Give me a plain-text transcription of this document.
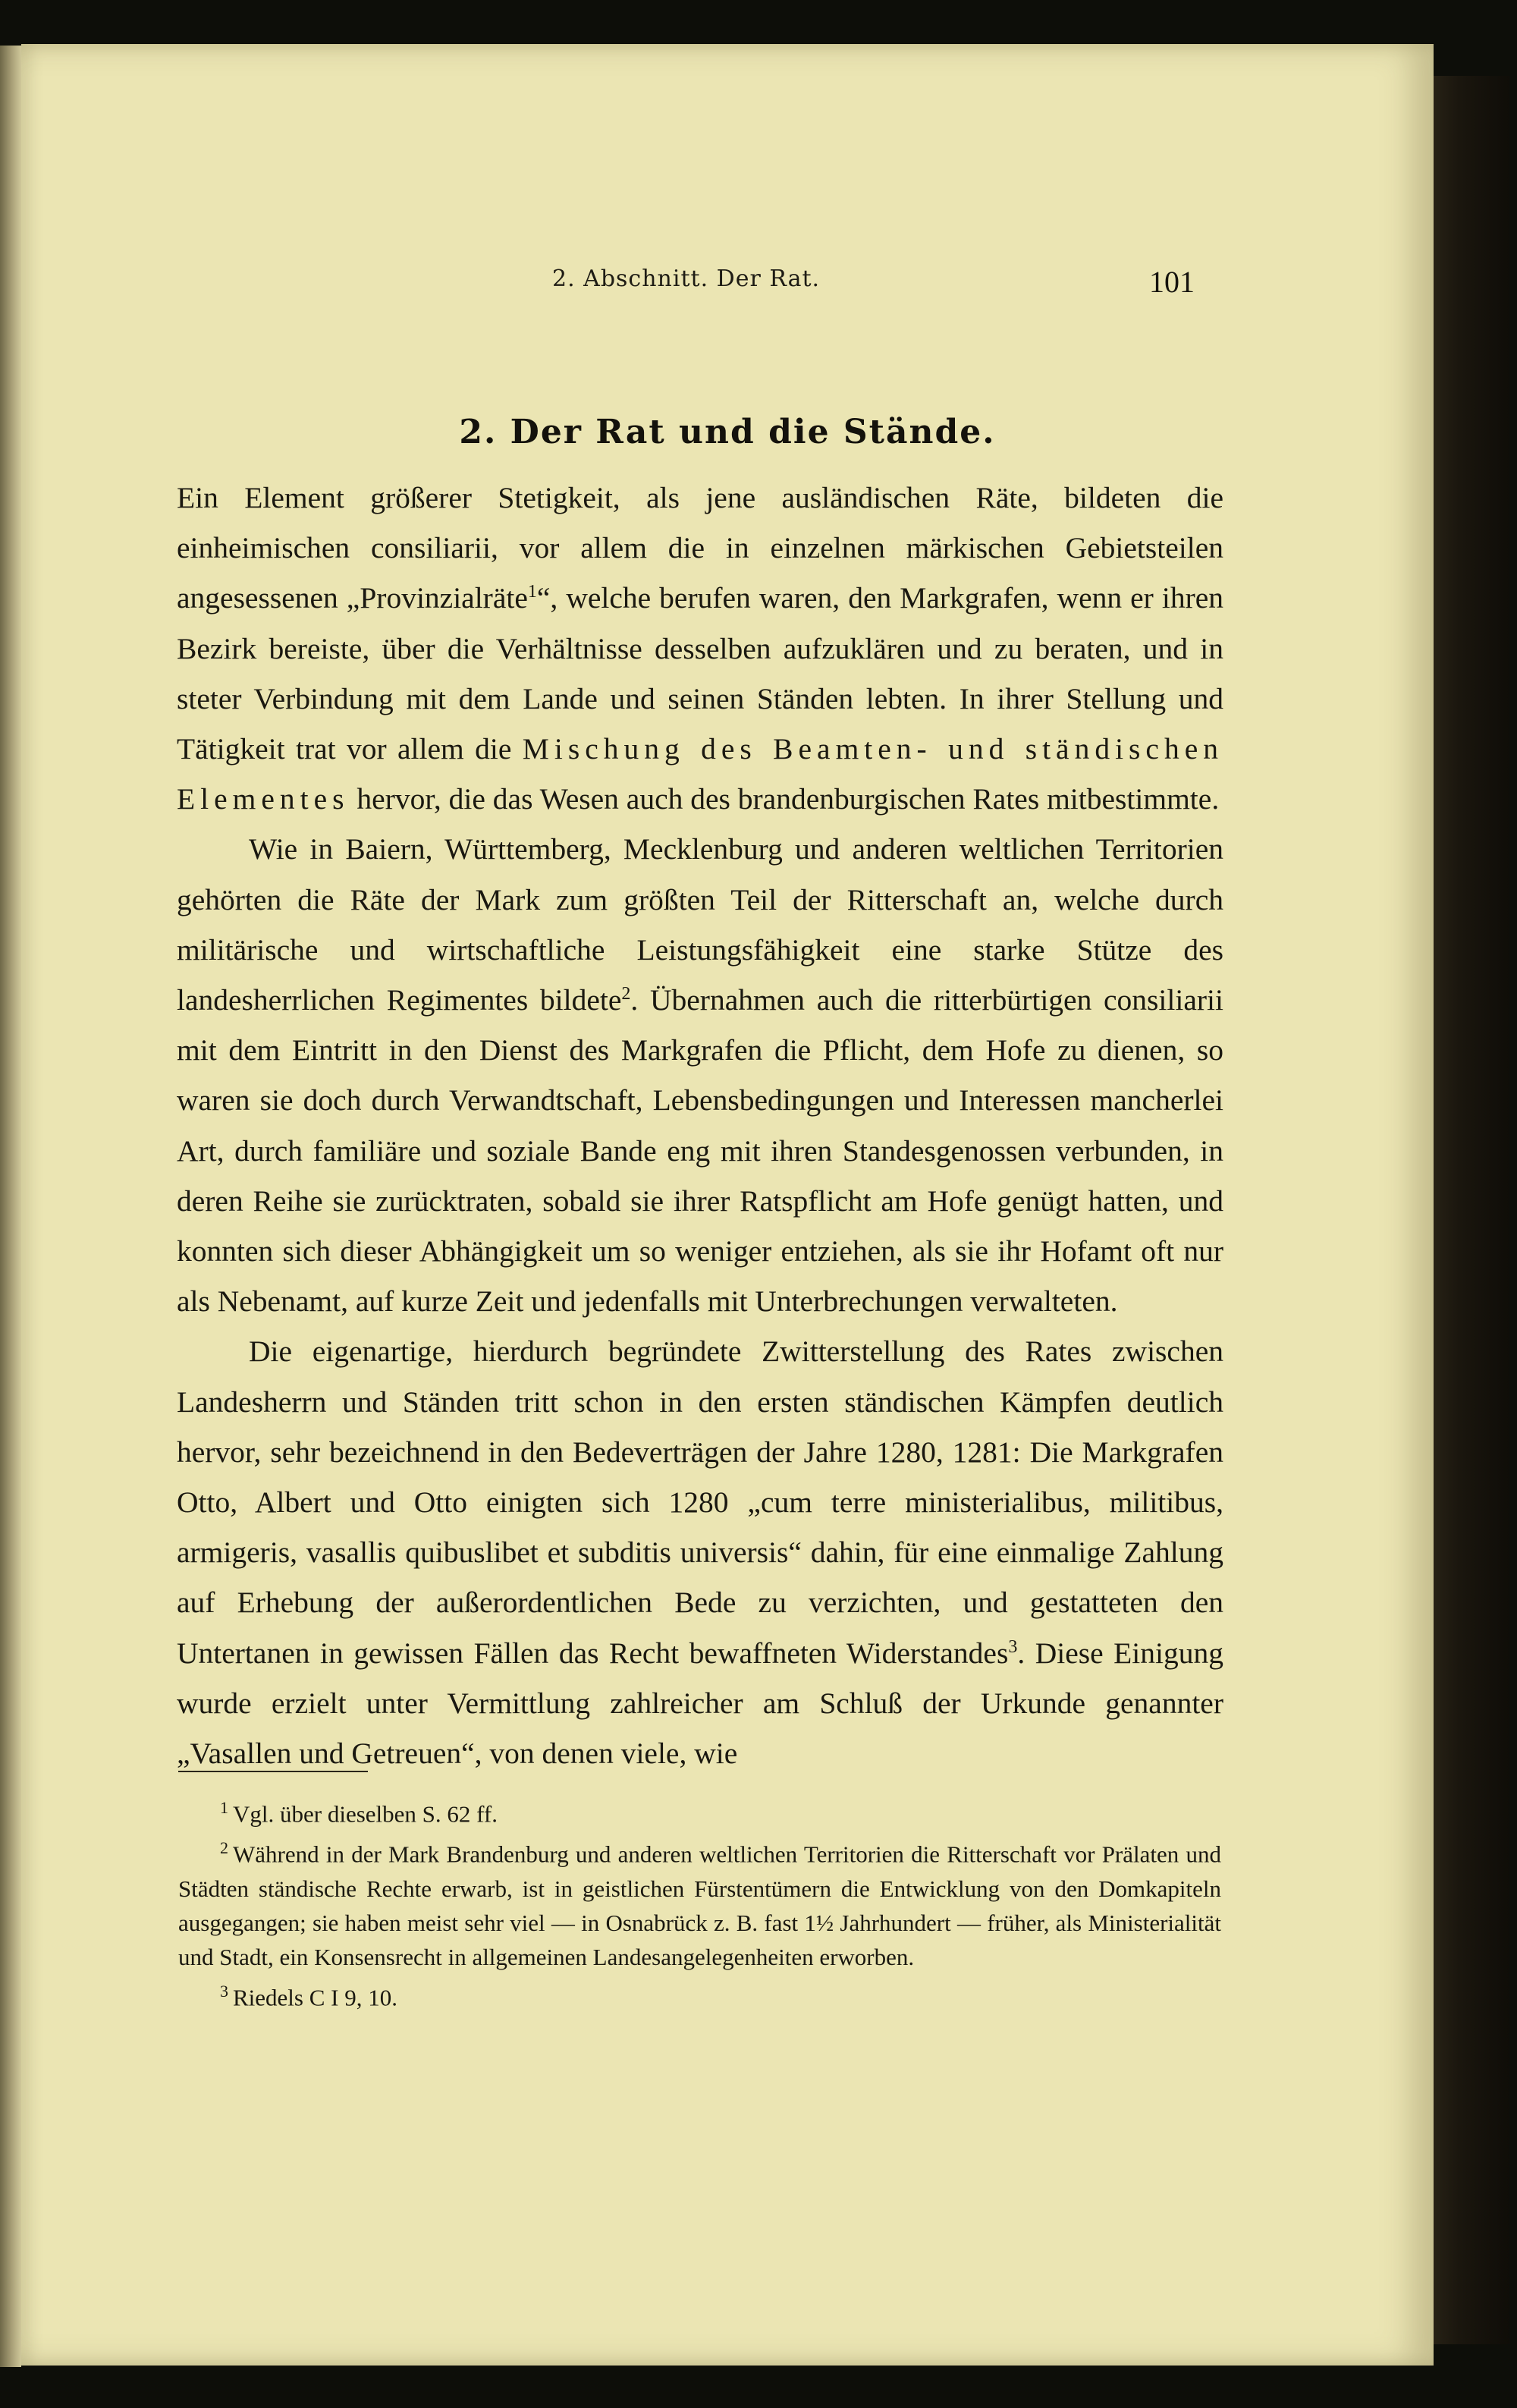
2. Abschnitt. Der Rat.	101
2. Der Rat und die Stände.

Ein Element größerer Stetigkeit, als jene ausländischen Räte, bildeten die einheimischen consiliarii, vor allem die in einzelnen märkischen Gebietsteilen angesessenen „Provinzialräte$^1$“, welche berufen waren, den Markgrafen, wenn er ihren Bezirk bereiste, über die Verhältnisse desselben aufzuklären und zu beraten, und in steter Verbindung mit dem Lande und seinen Ständen lebten. In ihrer Stellung und Tätigkeit trat vor allem die Mischung des Beamten- und ständischen Elementes hervor, die das Wesen auch des brandenburgischen Rates mitbestimmte.

Wie in Baiern, Württemberg, Mecklenburg und anderen weltlichen Territorien gehörten die Räte der Mark zum größten Teil der Ritterschaft an, welche durch militärische und wirtschaftliche Leistungsfähigkeit eine starke Stütze des landesherrlichen Regimentes bildete$^2$. Übernahmen auch die ritterbürtigen consiliarii mit dem Eintritt in den Dienst des Markgrafen die Pflicht, dem Hofe zu dienen, so waren sie doch durch Verwandtschaft, Lebensbedingungen und Interessen mancherlei Art, durch familiäre und soziale Bande eng mit ihren Standesgenossen verbunden, in deren Reihe sie zurücktraten, sobald sie ihrer Ratspflicht am Hofe genügt hatten, und konnten sich dieser Abhängigkeit um so weniger entziehen, als sie ihr Hofamt oft nur als Nebenamt, auf kurze Zeit und jedenfalls mit Unterbrechungen verwalteten.

Die eigenartige, hierdurch begründete Zwitterstellung des Rates zwischen Landesherrn und Ständen tritt schon in den ersten ständischen Kämpfen deutlich hervor, sehr bezeichnend in den Bedeverträgen der Jahre 1280, 1281: Die Markgrafen Otto, Albert und Otto einigten sich 1280 „cum terre ministerialibus, militibus, armigeris, vasallis quibuslibet et subditis universis“ dahin, für eine einmalige Zahlung auf Erhebung der außerordentlichen Bede zu verzichten, und gestatteten den Untertanen in gewissen Fällen das Recht bewaffneten Widerstandes$^3$. Diese Einigung wurde erzielt unter Vermittlung zahlreicher am Schluß der Urkunde genannter „Vasallen und Getreuen“, von denen viele, wie

$^1$ Vgl. über dieselben S. 62 ff.

$^2$ Während in der Mark Brandenburg und anderen weltlichen Territorien die Ritterschaft vor Prälaten und Städten ständische Rechte erwarb, ist in geistlichen Fürstentümern die Entwicklung von den Domkapiteln ausgegangen; sie haben meist sehr viel — in Osnabrück z. B. fast 1½ Jahrhundert — früher, als Ministerialität und Stadt, ein Konsensrecht in allgemeinen Landesangelegenheiten erworben.

$^3$ Riedels C I 9, 10.
